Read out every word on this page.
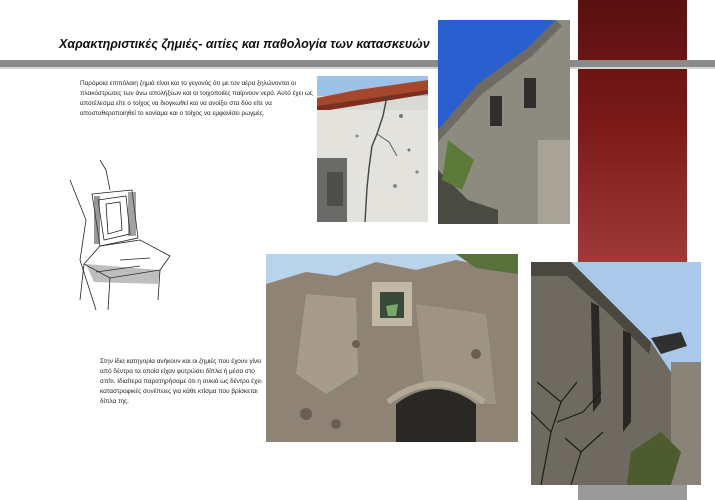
Χαρακτηριστικές ζημιές- αιτίες και παθολογία των κατασκευών
Παρόμοια επιπόλαιη ζημιά είναι και το γεγονός ότι με τον αέρα ξηλώνονται οι πλακόστρωτες των άνω απολήξεων και οι τοιχοποιίες παίρνουν νερό. Αυτό έχει ως αποτέλεσμα είτε ο τοίχος να διογκωθεί και να ανοίξει στα δύο είτε να αποσταθεροποιηθεί το κονίαμα και ο τοίχος να εμφανίσει ρωγμές.
Στην ίδια κατηγορία ανήκουν και οι ζημιές που έχουν γίνει από δέντρα τα οποία είχαν φυτρώσει δίπλα ή μέσα στο σπίτι. Ιδιαίτερα παρατηρήσαμε ότι η συκιά ως δέντρο έχει καταστροφικές συνέπειες για κάθε κτίσμα που βρίσκεται δίπλα της.
